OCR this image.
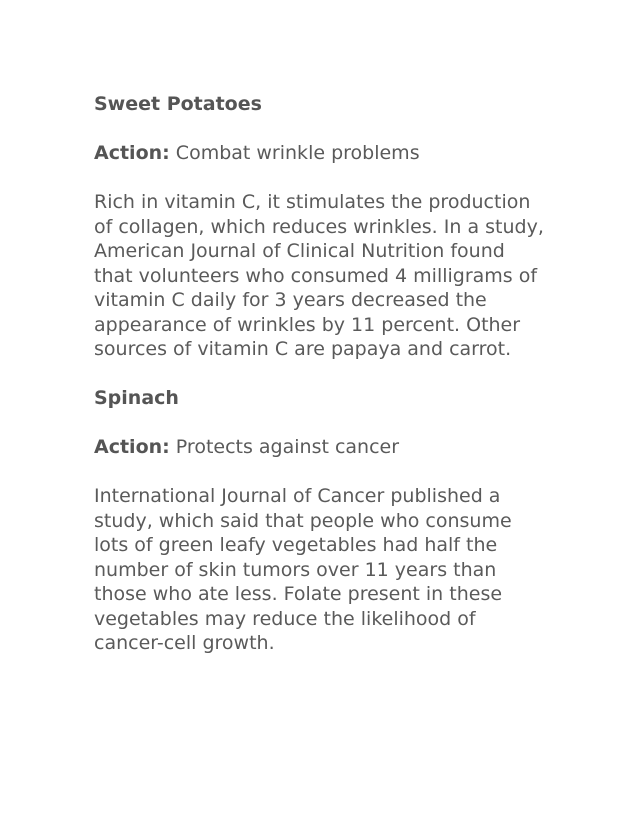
Sweet Potatoes

Action: Combat wrinkle problems

Rich in vitamin C, it stimulates the production
of collagen, which reduces wrinkles. In a study,
American Journal of Clinical Nutrition found
that volunteers who consumed 4 milligrams of
vitamin C daily for 3 years decreased the
appearance of wrinkles by 11 percent. Other
sources of vitamin C are papaya and carrot.

Spinach

Action: Protects against cancer

International Journal of Cancer published a
study, which said that people who consume
lots of green leafy vegetables had half the
number of skin tumors over 11 years than
those who ate less. Folate present in these
vegetables may reduce the likelihood of
cancer-cell growth.
